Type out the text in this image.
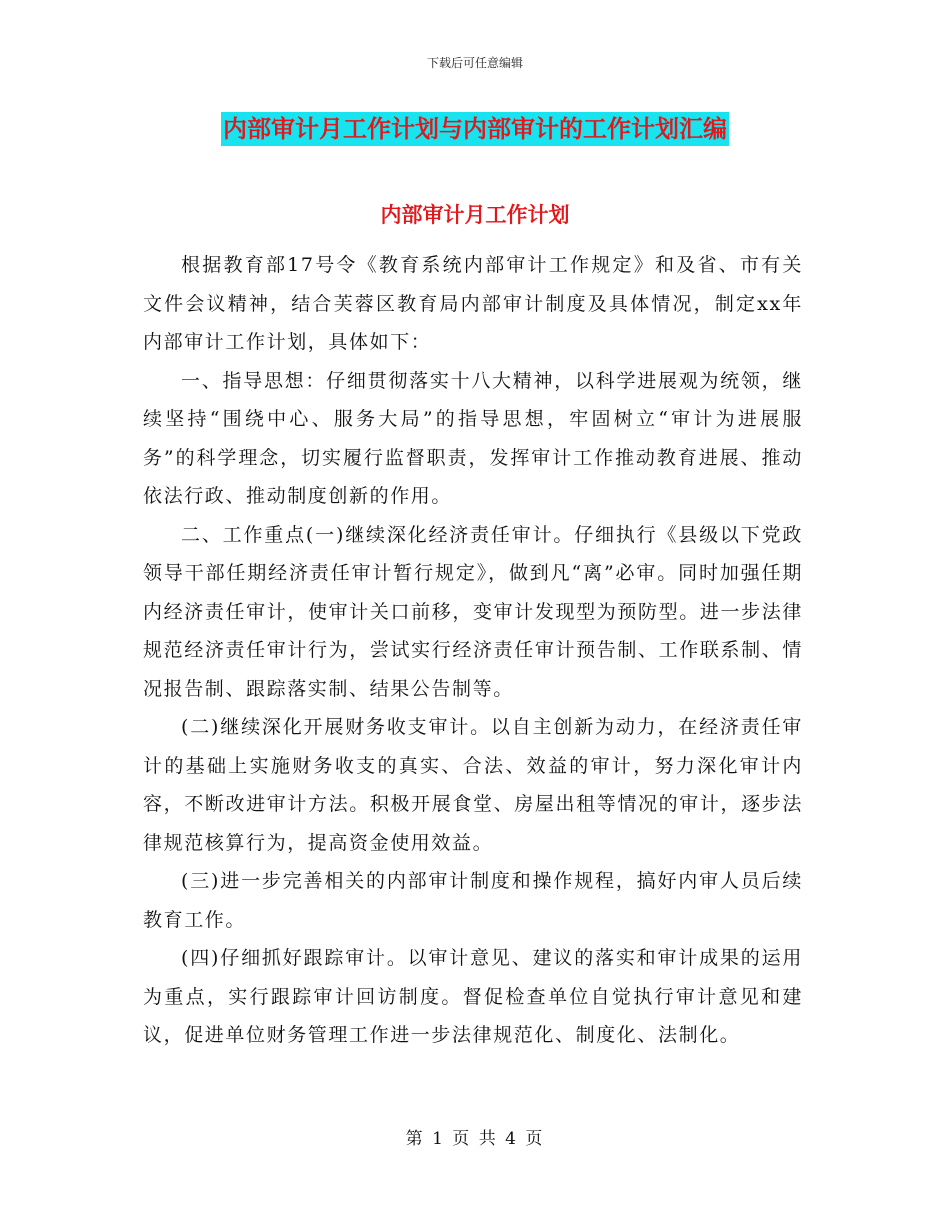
下载后可任意编辑
内部审计月工作计划与内部审计的工作计划汇编
内部审计月工作计划

根据教育部17号令《教育系统内部审计工作规定》和及省、市有关文件会议精神，结合芙蓉区教育局内部审计制度及具体情况，制定xx年内部审计工作计划，具体如下：

一、指导思想：仔细贯彻落实十八大精神，以科学进展观为统领，继续坚持“围绕中心、服务大局”的指导思想，牢固树立“审计为进展服务”的科学理念，切实履行监督职责，发挥审计工作推动教育进展、推动依法行政、推动制度创新的作用。

二、工作重点(一)继续深化经济责任审计。仔细执行《县级以下党政领导干部任期经济责任审计暂行规定》，做到凡“离”必审。同时加强任期内经济责任审计，使审计关口前移，变审计发现型为预防型。进一步法律规范经济责任审计行为，尝试实行经济责任审计预告制、工作联系制、情况报告制、跟踪落实制、结果公告制等。

(二)继续深化开展财务收支审计。以自主创新为动力，在经济责任审计的基础上实施财务收支的真实、合法、效益的审计，努力深化审计内容，不断改进审计方法。积极开展食堂、房屋出租等情况的审计，逐步法律规范核算行为，提高资金使用效益。

(三)进一步完善相关的内部审计制度和操作规程，搞好内审人员后续教育工作。

(四)仔细抓好跟踪审计。以审计意见、建议的落实和审计成果的运用为重点，实行跟踪审计回访制度。督促检查单位自觉执行审计意见和建议，促进单位财务管理工作进一步法律规范化、制度化、法制化。

第 1 页 共 4 页
